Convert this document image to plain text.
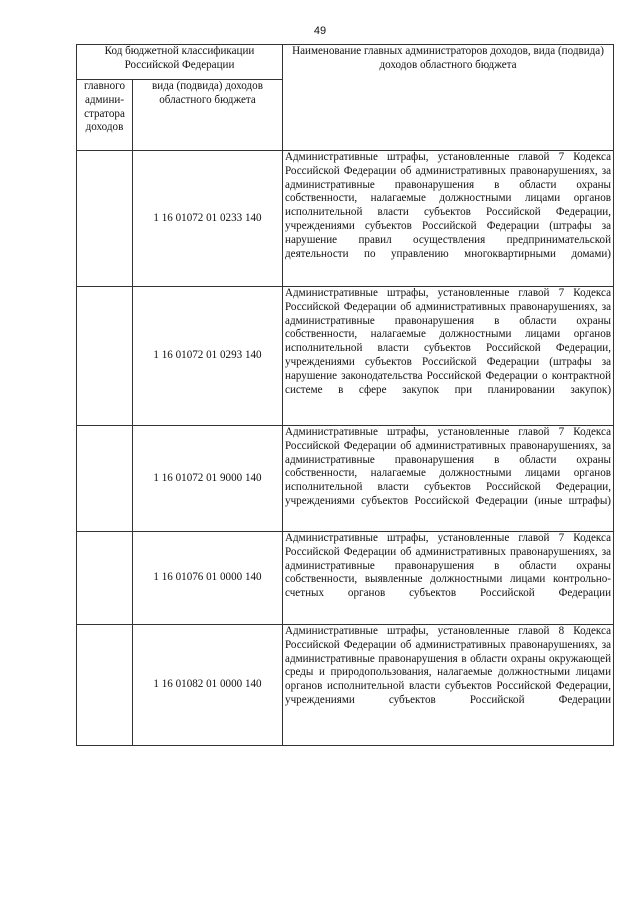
49
Код бюджетной классификации Российской Федерации		Наименование главных администраторов доходов, вида (подвида) доходов областного бюджета
главного админи-стратора доходов	вида (подвида) доходов областного бюджета	
	1 16 01072 01 0233 140	Административные штрафы, установленные главой 7 Кодекса Российской Федерации об административных правонарушениях, за административные правонарушения в области охраны собственности, налагаемые должностными лицами органов исполнительной власти субъектов Российской Федерации, учреждениями субъектов Российской Федерации (штрафы за нарушение правил осуществления предпринимательской деятельности по управлению многоквартирными домами)
	1 16 01072 01 0293 140	Административные штрафы, установленные главой 7 Кодекса Российской Федерации об административных правонарушениях, за административные правонарушения в области охраны собственности, налагаемые должностными лицами органов исполнительной власти субъектов Российской Федерации, учреждениями субъектов Российской Федерации (штрафы за нарушение законодательства Российской Федерации о контрактной системе в сфере закупок при планировании закупок)
	1 16 01072 01 9000 140	Административные штрафы, установленные главой 7 Кодекса Российской Федерации об административных правонарушениях, за административные правонарушения в области охраны собственности, налагаемые должностными лицами органов исполнительной власти субъектов Российской Федерации, учреждениями субъектов Российской Федерации (иные штрафы)
	1 16 01076 01 0000 140	Административные штрафы, установленные главой 7 Кодекса Российской Федерации об административных правонарушениях, за административные правонарушения в области охраны собственности, выявленные должностными лицами контрольно-счетных органов субъектов Российской Федерации
	1 16 01082 01 0000 140	Административные штрафы, установленные главой 8 Кодекса Российской Федерации об административных правонарушениях, за административные правонарушения в области охраны окружающей среды и природопользования, налагаемые должностными лицами органов исполнительной власти субъектов Российской Федерации, учреждениями субъектов Российской Федерации
